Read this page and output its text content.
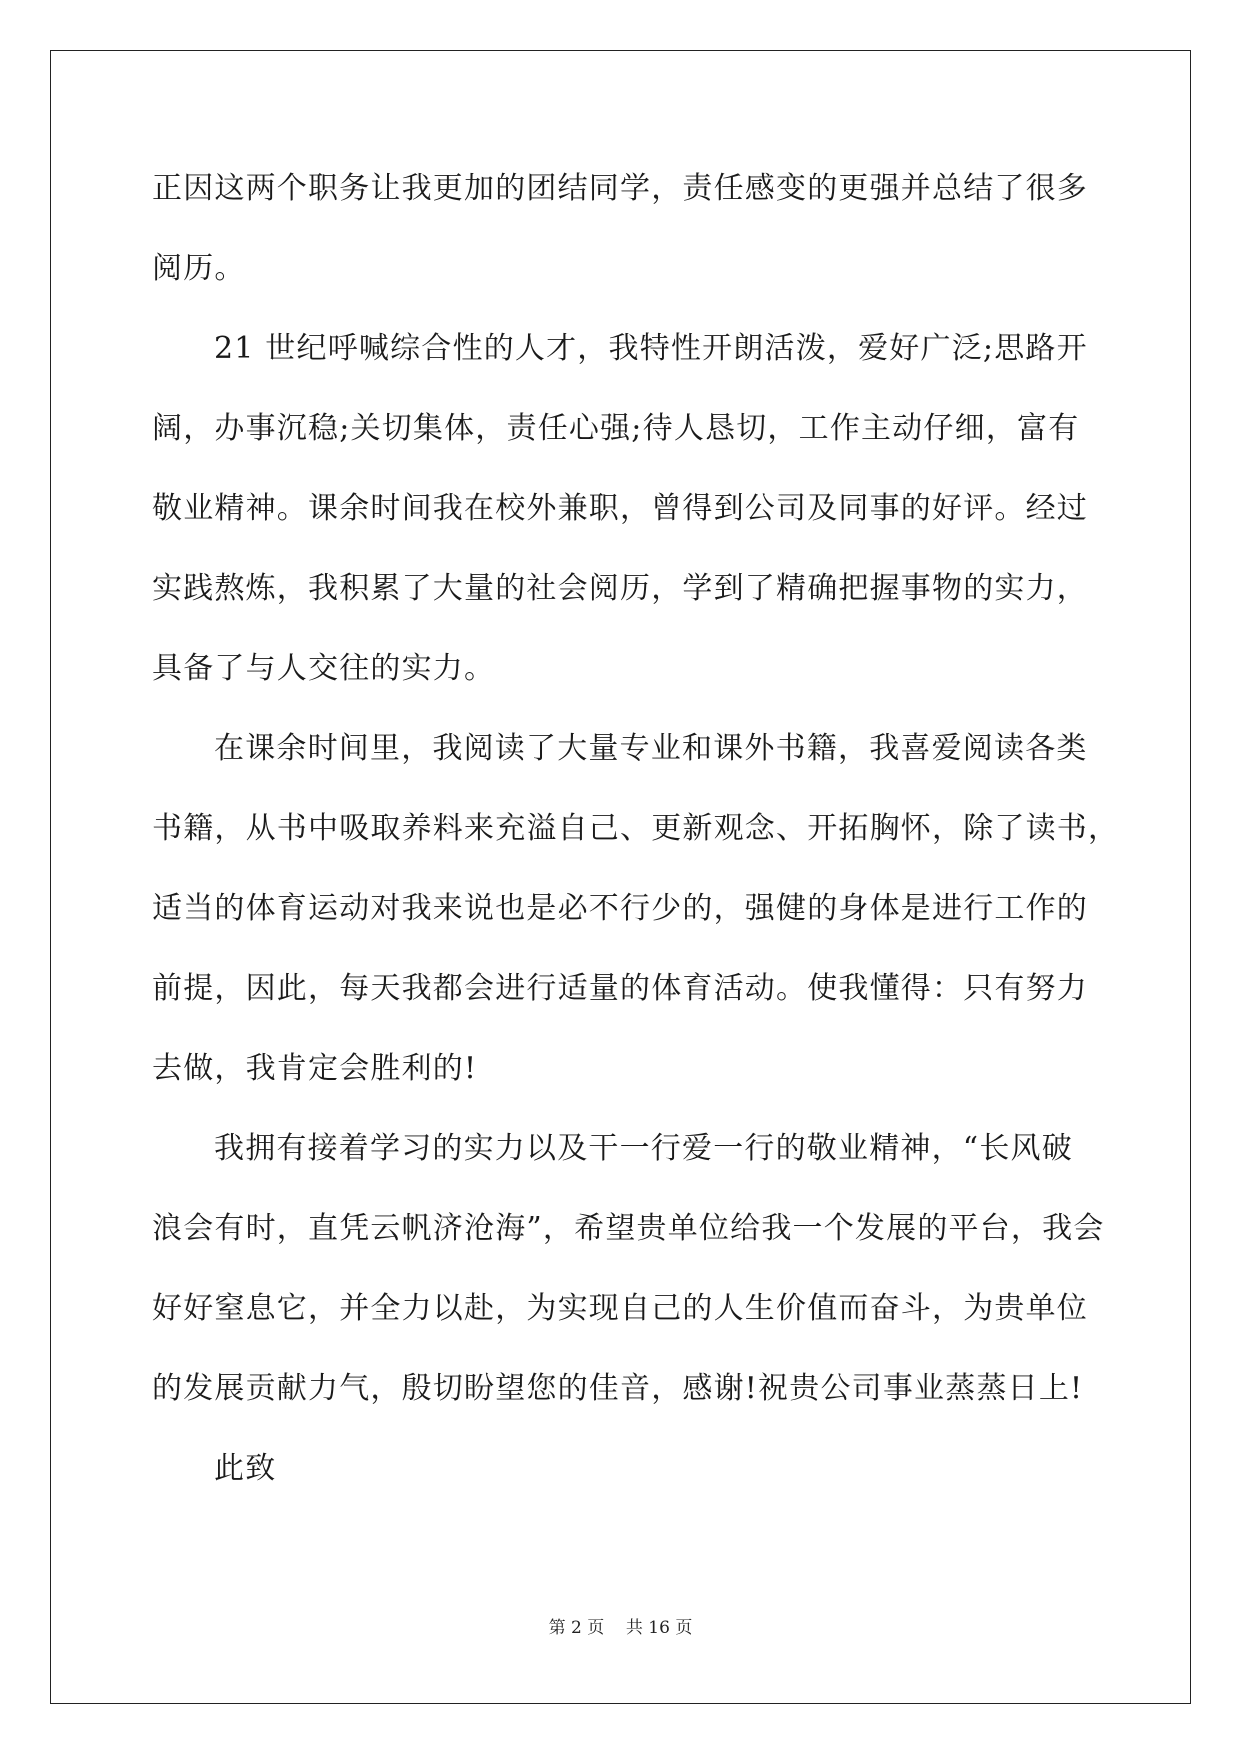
正因这两个职务让我更加的团结同学，责任感变的更强并总结了很多
阅历。
21 世纪呼喊综合性的人才，我特性开朗活泼，爱好广泛;思路开
阔，办事沉稳;关切集体，责任心强;待人恳切，工作主动仔细，富有
敬业精神。课余时间我在校外兼职，曾得到公司及同事的好评。经过
实践熬炼，我积累了大量的社会阅历，学到了精确把握事物的实力，
具备了与人交往的实力。
在课余时间里，我阅读了大量专业和课外书籍，我喜爱阅读各类
书籍，从书中吸取养料来充溢自己、更新观念、开拓胸怀，除了读书，
适当的体育运动对我来说也是必不行少的，强健的身体是进行工作的
前提，因此，每天我都会进行适量的体育活动。使我懂得：只有努力
去做，我肯定会胜利的!
我拥有接着学习的实力以及干一行爱一行的敬业精神，“长风破
浪会有时，直凭云帆济沧海”，希望贵单位给我一个发展的平台，我会
好好窒息它，并全力以赴，为实现自己的人生价值而奋斗，为贵单位
的发展贡献力气，殷切盼望您的佳音，感谢!祝贵公司事业蒸蒸日上!
此致
第 2 页    共 16 页
